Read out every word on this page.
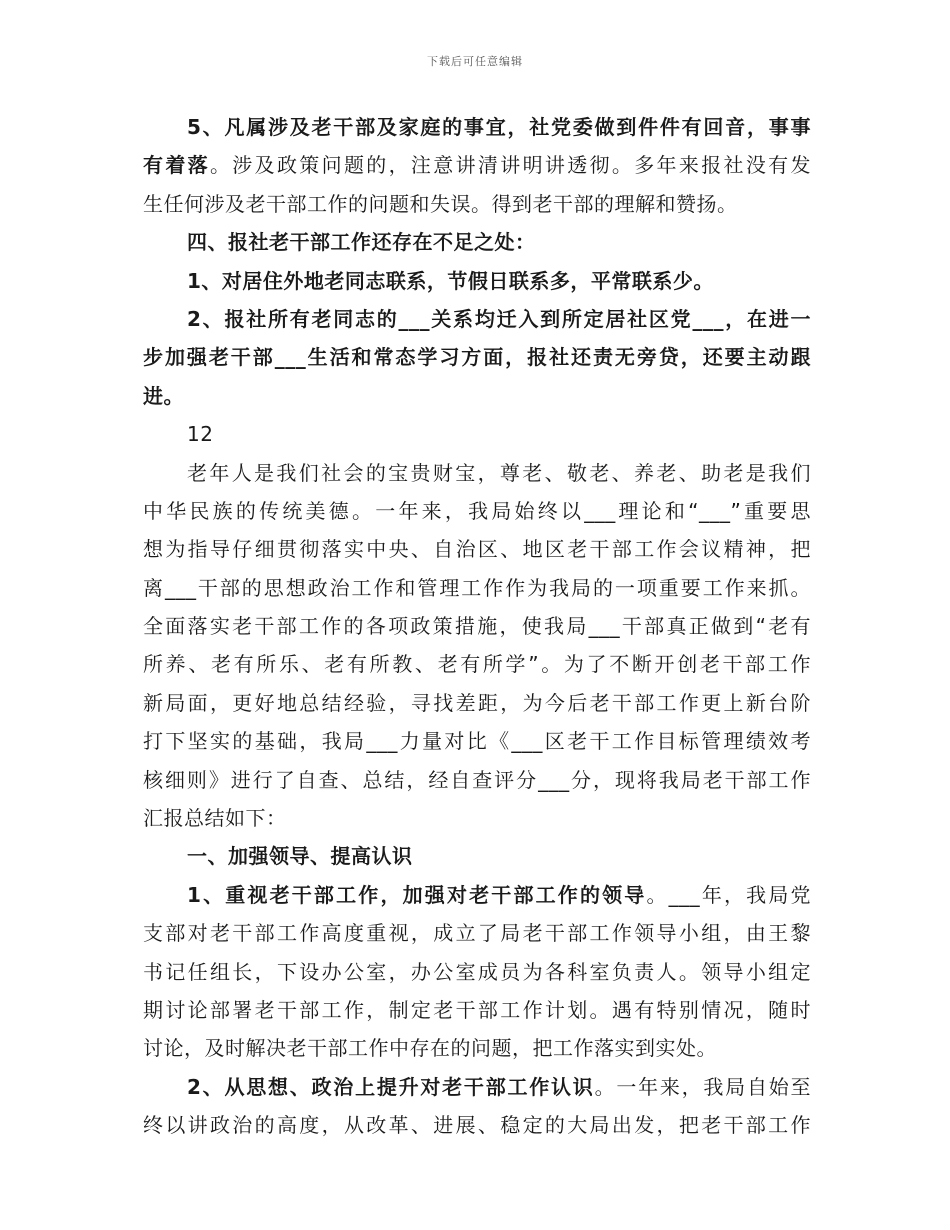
下载后可任意编辑
5、凡属涉及老干部及家庭的事宜，社党委做到件件有回音，事事
有着落。涉及政策问题的，注意讲清讲明讲透彻。多年来报社没有发
生任何涉及老干部工作的问题和失误。得到老干部的理解和赞扬。
四、报社老干部工作还存在不足之处：
1、对居住外地老同志联系，节假日联系多，平常联系少。
2、报社所有老同志的___关系均迁入到所定居社区党___，在进一
步加强老干部___生活和常态学习方面，报社还责无旁贷，还要主动跟
进。
12
老年人是我们社会的宝贵财宝，尊老、敬老、养老、助老是我们
中华民族的传统美德。一年来，我局始终以___理论和“___”重要思
想为指导仔细贯彻落实中央、自治区、地区老干部工作会议精神，把
离___干部的思想政治工作和管理工作作为我局的一项重要工作来抓。
全面落实老干部工作的各项政策措施，使我局___干部真正做到“老有
所养、老有所乐、老有所教、老有所学”。为了不断开创老干部工作
新局面，更好地总结经验，寻找差距，为今后老干部工作更上新台阶
打下坚实的基础，我局___力量对比《___区老干工作目标管理绩效考
核细则》进行了自查、总结，经自查评分___分，现将我局老干部工作
汇报总结如下：
一、加强领导、提高认识
1、重视老干部工作，加强对老干部工作的领导。___年，我局党
支部对老干部工作高度重视，成立了局老干部工作领导小组，由王黎
书记任组长，下设办公室，办公室成员为各科室负责人。领导小组定
期讨论部署老干部工作，制定老干部工作计划。遇有特别情况，随时
讨论，及时解决老干部工作中存在的问题，把工作落实到实处。
2、从思想、政治上提升对老干部工作认识。一年来，我局自始至
终以讲政治的高度，从改革、进展、稳定的大局出发，把老干部工作
